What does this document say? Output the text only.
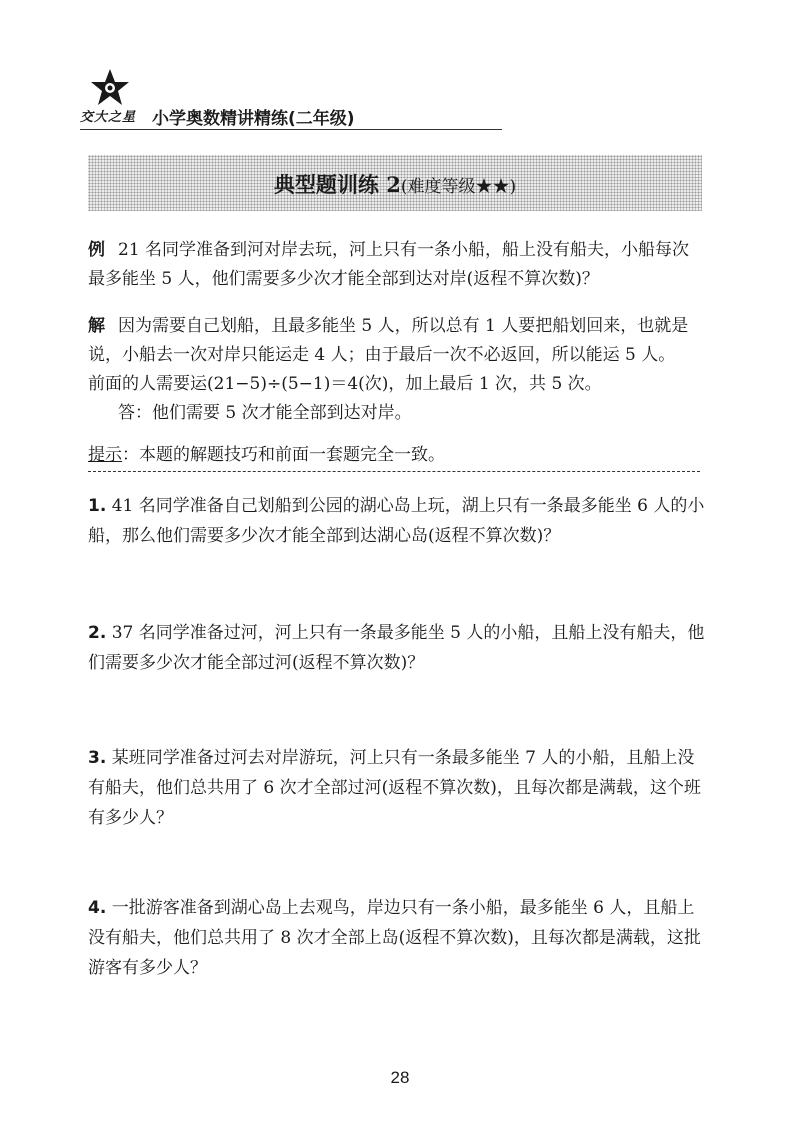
交大之星 小学奥数精讲精练(二年级)
典型题训练 2(难度等级★★)
例 21 名同学准备到河对岸去玩，河上只有一条小船，船上没有船夫，小船每次最多能坐 5 人，他们需要多少次才能全部到达对岸(返程不算次数)？
解 因为需要自己划船，且最多能坐 5 人，所以总有 1 人要把船划回来，也就是说，小船去一次对岸只能运走 4 人；由于最后一次不必返回，所以能运 5 人。
前面的人需要运(21−5)÷(5−1)＝4(次)，加上最后 1 次，共 5 次。
答：他们需要 5 次才能全部到达对岸。
提示：本题的解题技巧和前面一套题完全一致。
1. 41 名同学准备自己划船到公园的湖心岛上玩，湖上只有一条最多能坐 6 人的小船，那么他们需要多少次才能全部到达湖心岛(返程不算次数)？
2. 37 名同学准备过河，河上只有一条最多能坐 5 人的小船，且船上没有船夫，他们需要多少次才能全部过河(返程不算次数)？
3. 某班同学准备过河去对岸游玩，河上只有一条最多能坐 7 人的小船，且船上没有船夫，他们总共用了 6 次才全部过河(返程不算次数)，且每次都是满载，这个班有多少人？
4. 一批游客准备到湖心岛上去观鸟，岸边只有一条小船，最多能坐 6 人，且船上没有船夫，他们总共用了 8 次才全部上岛(返程不算次数)，且每次都是满载，这批游客有多少人？
28
